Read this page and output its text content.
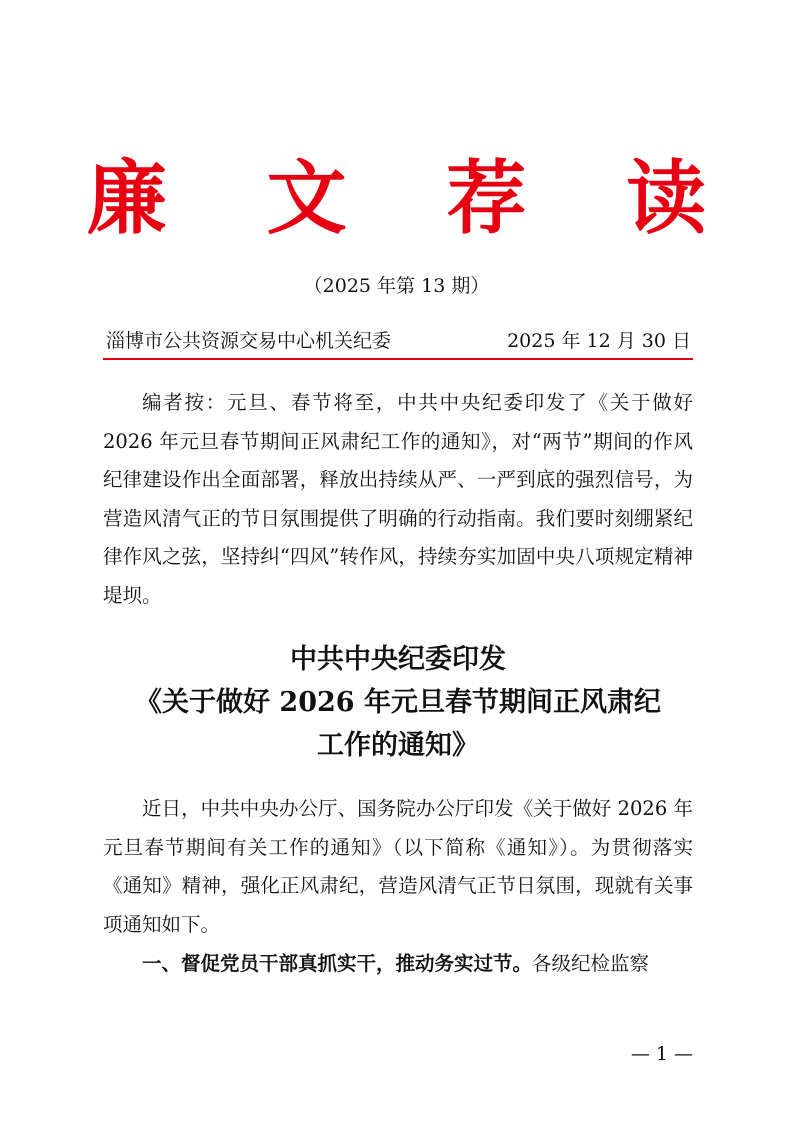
廉 文 荐 读
（2025 年第 13 期）
淄博市公共资源交易中心机关纪委	2025 年 12 月 30 日

编者按：元旦、春节将至，中共中央纪委印发了《关于做好2026 年元旦春节期间正风肃纪工作的通知》，对“两节”期间的作风纪律建设作出全面部署，释放出持续从严、一严到底的强烈信号，为营造风清气正的节日氛围提供了明确的行动指南。我们要时刻绷紧纪律作风之弦，坚持纠“四风”转作风，持续夯实加固中央八项规定精神堤坝。

中共中央纪委印发
《关于做好 2026 年元旦春节期间正风肃纪
工作的通知》

近日，中共中央办公厅、国务院办公厅印发《关于做好 2026 年元旦春节期间有关工作的通知》（以下简称《通知》）。为贯彻落实《通知》精神，强化正风肃纪，营造风清气正节日氛围，现就有关事项通知如下。

一、督促党员干部真抓实干，推动务实过节。各级纪检监察

— 1 —
